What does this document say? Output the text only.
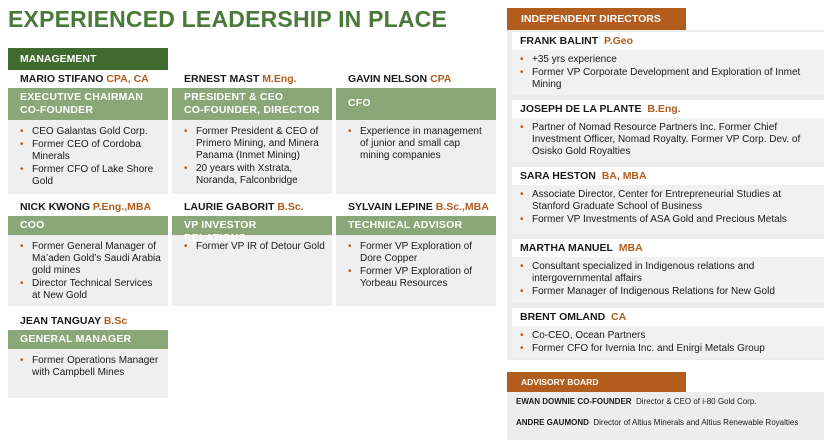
EXPERIENCED LEADERSHIP IN PLACE
MANAGEMENT
MARIO STIFANO CPA, CA
EXECUTIVE CHAIRMAN
CO-FOUNDER
• CEO Galantas Gold Corp.
• Former CEO of Cordoba Minerals
• Former CFO of Lake Shore Gold
ERNEST MAST M.Eng.
PRESIDENT & CEO
CO-FOUNDER, DIRECTOR
• Former President & CEO of Primero Mining, and Minera Panama (Inmet Mining)
• 20 years with Xstrata, Noranda, Falconbridge
GAVIN NELSON CPA
CFO
• Experience in management of junior and small cap mining companies
NICK KWONG P.Eng.,MBA
COO
• Former General Manager of Ma’aden Gold’s Saudi Arabia gold mines
• Director Technical Services at New Gold
LAURIE GABORIT B.Sc.
VP INVESTOR RELATIONS
• Former VP IR of Detour Gold
SYLVAIN LEPINE B.Sc.,MBA
TECHNICAL ADVISOR
• Former VP Exploration of Dore Copper
• Former VP Exploration of Yorbeau Resources
JEAN TANGUAY B.Sc
GENERAL MANAGER
• Former Operations Manager with Campbell Mines
INDEPENDENT DIRECTORS
FRANK BALINT P.Geo
• +35 yrs experience
• Former VP Corporate Development and Exploration of Inmet Mining
JOSEPH DE LA PLANTE B.Eng.
• Partner of Nomad Resource Partners Inc. Former Chief Investment Officer, Nomad Royalty. Former VP Corp. Dev. of Osisko Gold Royalties
SARA HESTON BA, MBA
• Associate Director, Center for Entrepreneurial Studies at Stanford Graduate School of Business
• Former VP Investments of ASA Gold and Precious Metals
MARTHA MANUEL MBA
• Consultant specialized in Indigenous relations and intergovernmental affairs
• Former Manager of Indigenous Relations for New Gold
BRENT OMLAND CA
• Co-CEO, Ocean Partners
• Former CFO for Ivernia Inc. and Enirgi Metals Group
ADVISORY BOARD
EWAN DOWNIE CO-FOUNDER Director & CEO of i-80 Gold Corp.
ANDRE GAUMOND Director of Altius Minerals and Altius Renewable Royalties
